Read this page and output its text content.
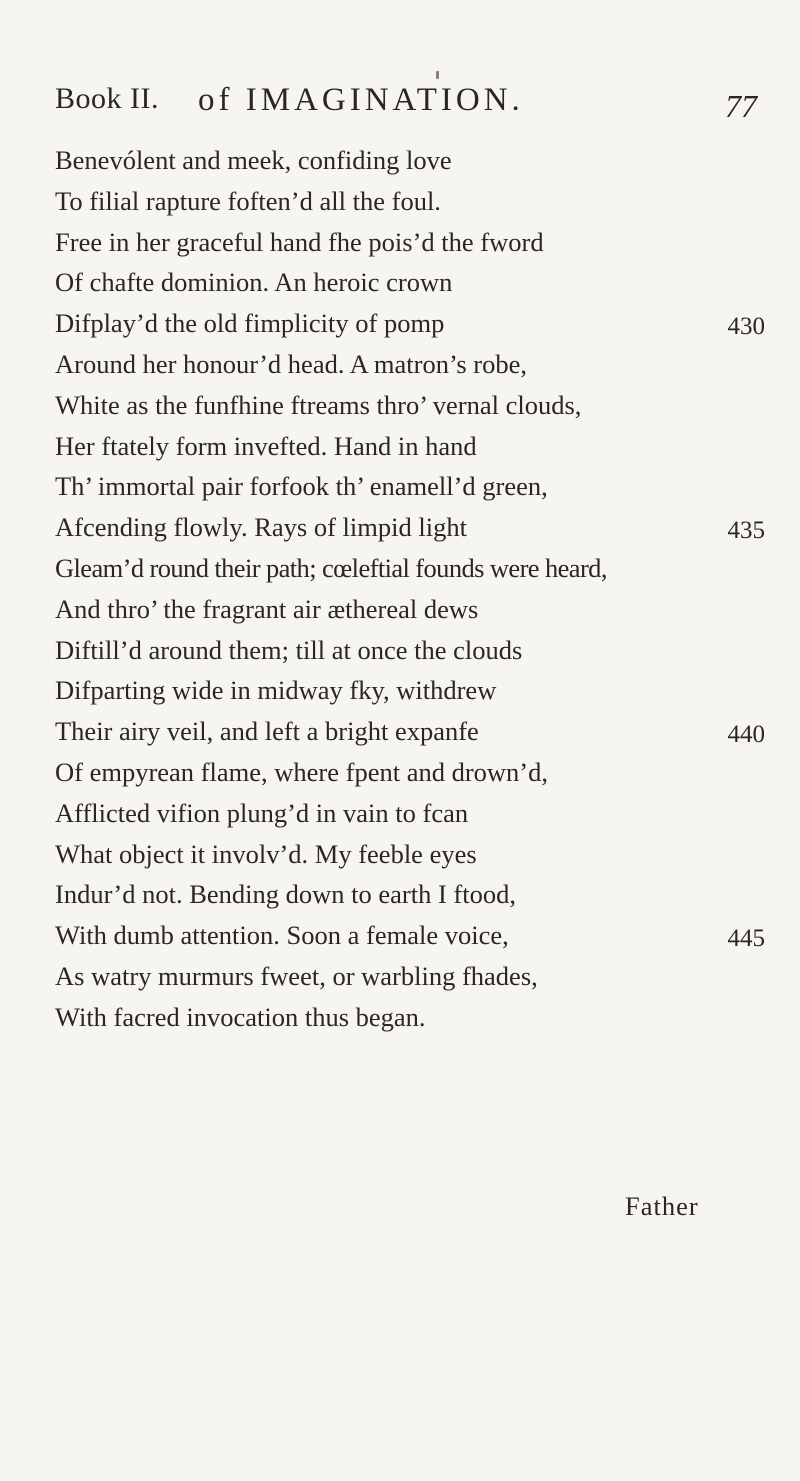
Book II. of IMAGINATION.	77
Benevólent and meek, confiding love
To filial rapture foften’d all the foul.
Free in her graceful hand fhe pois’d the fword
Of chafte dominion. An heroic crown
Difplay’d the old fimplicity of pomp	430
Around her honour’d head. A matron’s robe,
White as the funfhine ftreams thro’ vernal clouds,
Her ftately form invefted. Hand in hand
Th’ immortal pair forfook th’ enamell’d green,
Afcending flowly. Rays of limpid light	435
Gleam’d round their path; cœleftial founds were heard,
And thro’ the fragrant air æthereal dews
Diftill’d around them; till at once the clouds
Difparting wide in midway fky, withdrew
Their airy veil, and left a bright expanfe	440
Of empyrean flame, where fpent and drown’d,
Afflicted vifion plung’d in vain to fcan
What object it involv’d. My feeble eyes
Indur’d not. Bending down to earth I ftood,
With dumb attention. Soon a female voice,	445
As watry murmurs fweet, or warbling fhades,
With facred invocation thus began.
Father
